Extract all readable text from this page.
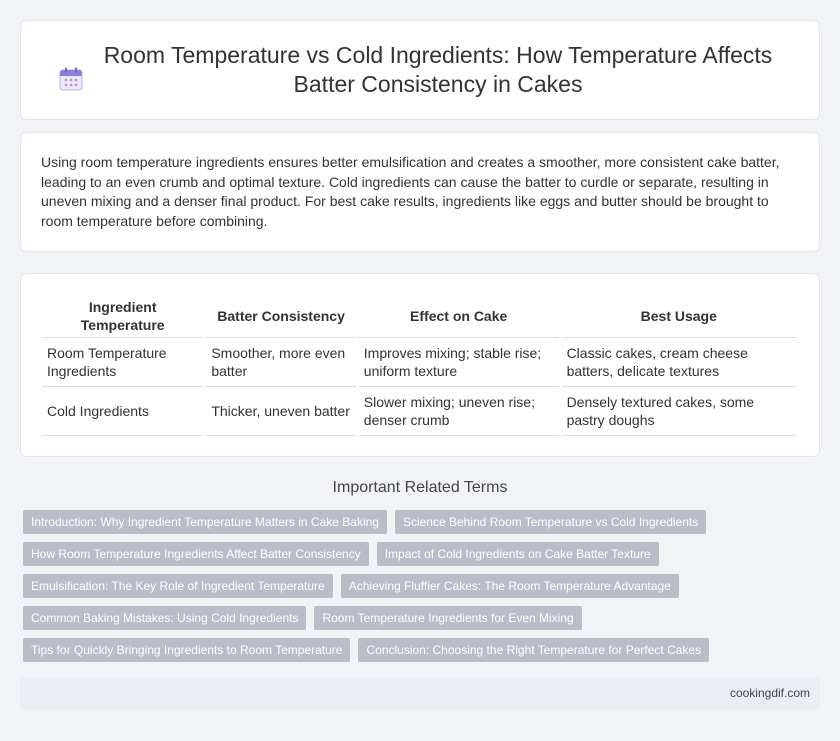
Room Temperature vs Cold Ingredients: How Temperature Affects Batter Consistency in Cakes

Using room temperature ingredients ensures better emulsification and creates a smoother, more consistent cake batter, leading to an even crumb and optimal texture. Cold ingredients can cause the batter to curdle or separate, resulting in uneven mixing and a denser final product. For best cake results, ingredients like eggs and butter should be brought to room temperature before combining.

Ingredient Temperature	Batter Consistency	Effect on Cake	Best Usage
Room Temperature Ingredients	Smoother, more even batter	Improves mixing; stable rise; uniform texture	Classic cakes, cream cheese batters, delicate textures
Cold Ingredients	Thicker, uneven batter	Slower mixing; uneven rise; denser crumb	Densely textured cakes, some pastry doughs
Important Related Terms
Introduction: Why Ingredient Temperature Matters in Cake Baking	Science Behind Room Temperature vs Cold Ingredients
How Room Temperature Ingredients Affect Batter Consistency	Impact of Cold Ingredients on Cake Batter Texture
Emulsification: The Key Role of Ingredient Temperature	Achieving Fluffier Cakes: The Room Temperature Advantage
Common Baking Mistakes: Using Cold Ingredients	Room Temperature Ingredients for Even Mixing
Tips for Quickly Bringing Ingredients to Room Temperature	Conclusion: Choosing the Right Temperature for Perfect Cakes
cookingdif.com
